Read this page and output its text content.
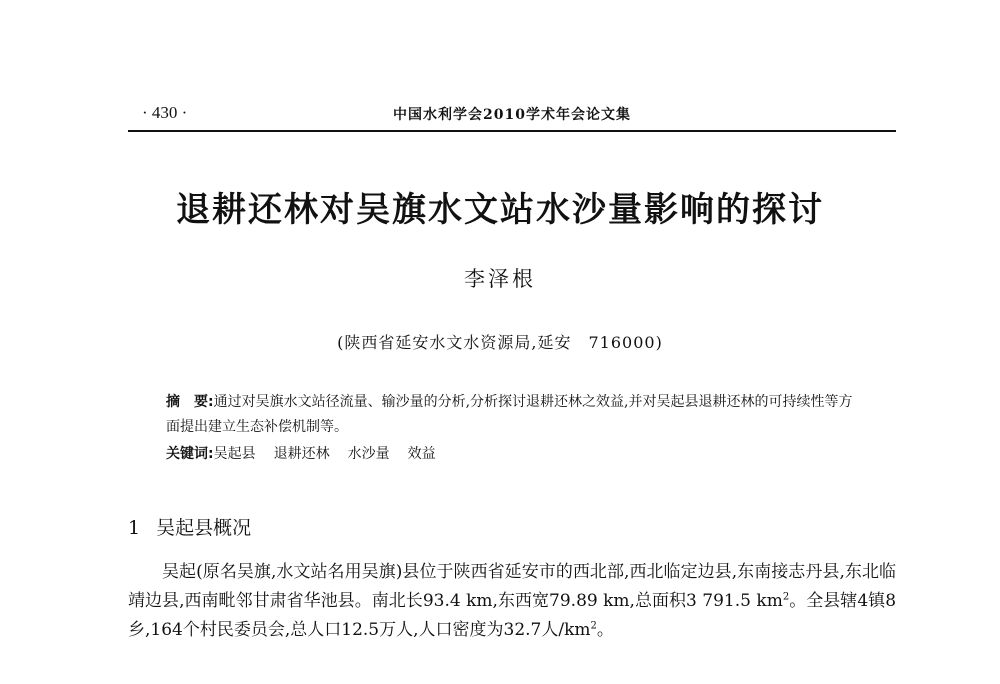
· 430 ·	中国水利学会2010学术年会论文集
退耕还林对吴旗水文站水沙量影响的探讨
李泽根
(陕西省延安水文水资源局,延安　716000)
摘　要:通过对吴旗水文站径流量、输沙量的分析,分析探讨退耕还林之效益,并对吴起县退耕还林的可持续性等方面提出建立生态补偿机制等。
关键词:吴起县 退耕还林 水沙量 效益
1 吴起县概况
吴起(原名吴旗,水文站名用吴旗)县位于陕西省延安市的西北部,西北临定边县,东南接志丹县,东北临靖边县,西南毗邻甘肃省华池县。南北长93.4 km,东西宽79.89 km,总面积3 791.5 $km^2$。全县辖4镇8乡,164个村民委员会,总人口12.5万人,人口密度为32.7人$/km^2$。
